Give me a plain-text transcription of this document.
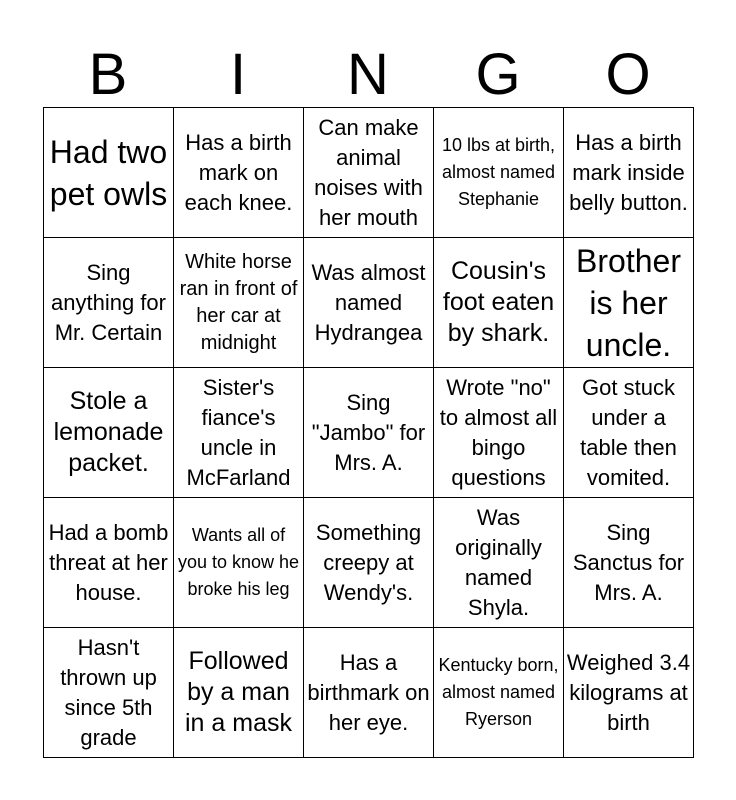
B	I	N	G	O
Had two pet owls	Has a birth mark on each knee.	Can make animal noises with her mouth	10 lbs at birth, almost named Stephanie	Has a birth mark inside belly button.

Sing anything for Mr. Certain	White horse ran in front of her car at midnight	Was almost named Hydrangea	Cousin's foot eaten by shark.	Brother is her uncle.

Stole a lemonade packet.	Sister's fiance's uncle in McFarland	Sing "Jambo" for Mrs. A.	Wrote "no" to almost all bingo questions	Got stuck under a table then vomited.

Had a bomb threat at her house.	Wants all of you to know he broke his leg	Something creepy at Wendy's.	Was originally named Shyla.	Sing Sanctus for Mrs. A.

Hasn't thrown up since 5th grade	Followed by a man in a mask	Has a birthmark on her eye.	Kentucky born, almost named Ryerson	Weighed 3.4 kilograms at birth
